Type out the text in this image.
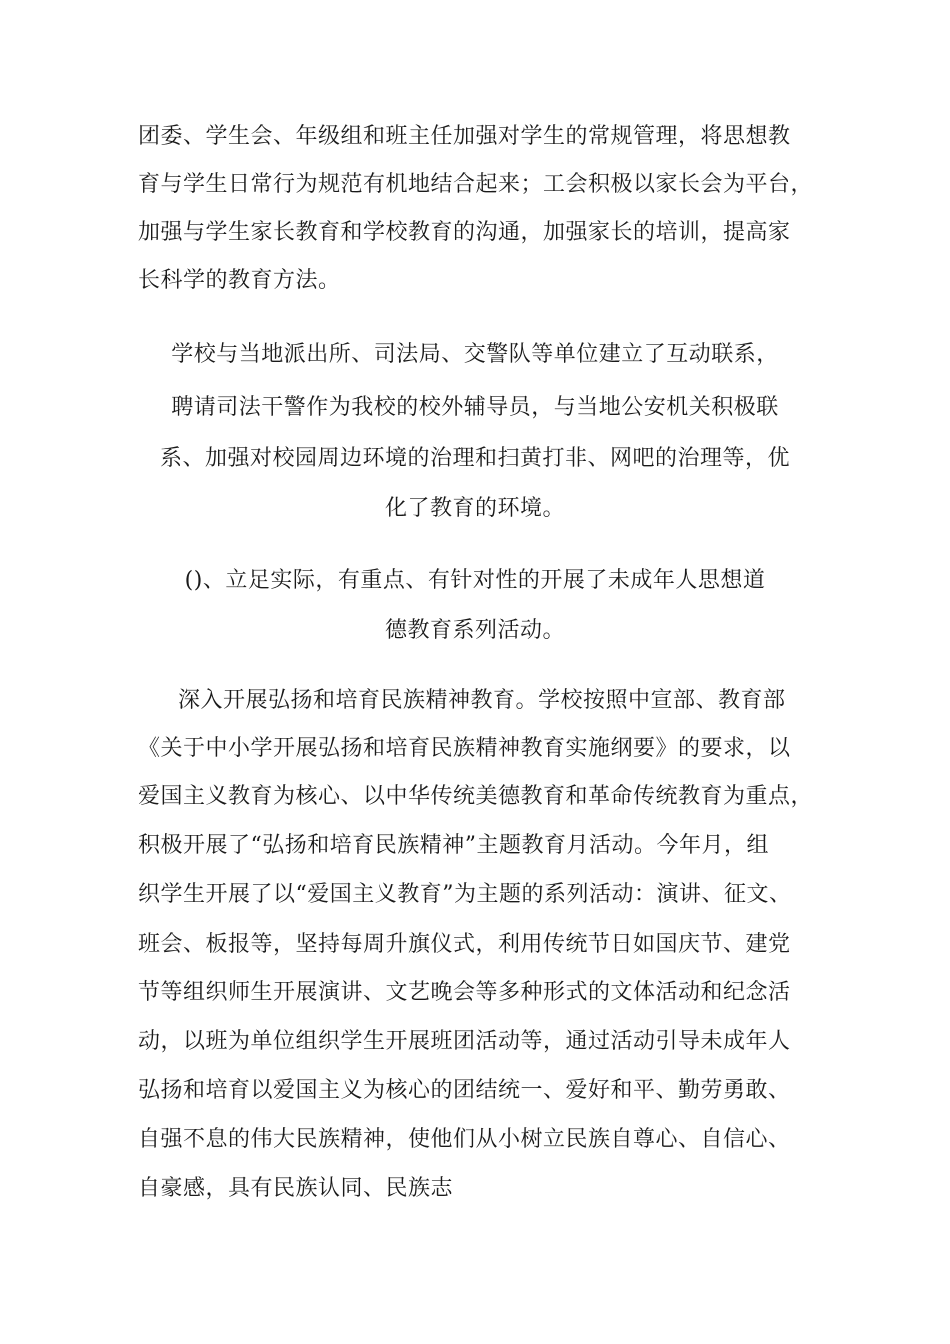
团委、学生会、年级组和班主任加强对学生的常规管理，将思想教
育与学生日常行为规范有机地结合起来；工会积极以家长会为平台，
加强与学生家长教育和学校教育的沟通，加强家长的培训，提高家
长科学的教育方法。
学校与当地派出所、司法局、交警队等单位建立了互动联系，
聘请司法干警作为我校的校外辅导员，与当地公安机关积极联
系、加强对校园周边环境的治理和扫黄打非、网吧的治理等，优
化了教育的环境。
()、立足实际，有重点、有针对性的开展了未成年人思想道
德教育系列活动。
深入开展弘扬和培育民族精神教育。学校按照中宣部、教育部
《关于中小学开展弘扬和培育民族精神教育实施纲要》的要求，以
爱国主义教育为核心、以中华传统美德教育和革命传统教育为重点，
积极开展了“弘扬和培育民族精神”主题教育月活动。今年月，组
织学生开展了以“爱国主义教育”为主题的系列活动：演讲、征文、
班会、板报等，坚持每周升旗仪式，利用传统节日如国庆节、建党
节等组织师生开展演讲、文艺晚会等多种形式的文体活动和纪念活
动，以班为单位组织学生开展班团活动等，通过活动引导未成年人
弘扬和培育以爱国主义为核心的团结统一、爱好和平、勤劳勇敢、
自强不息的伟大民族精神，使他们从小树立民族自尊心、自信心、
自豪感，具有民族认同、民族志
